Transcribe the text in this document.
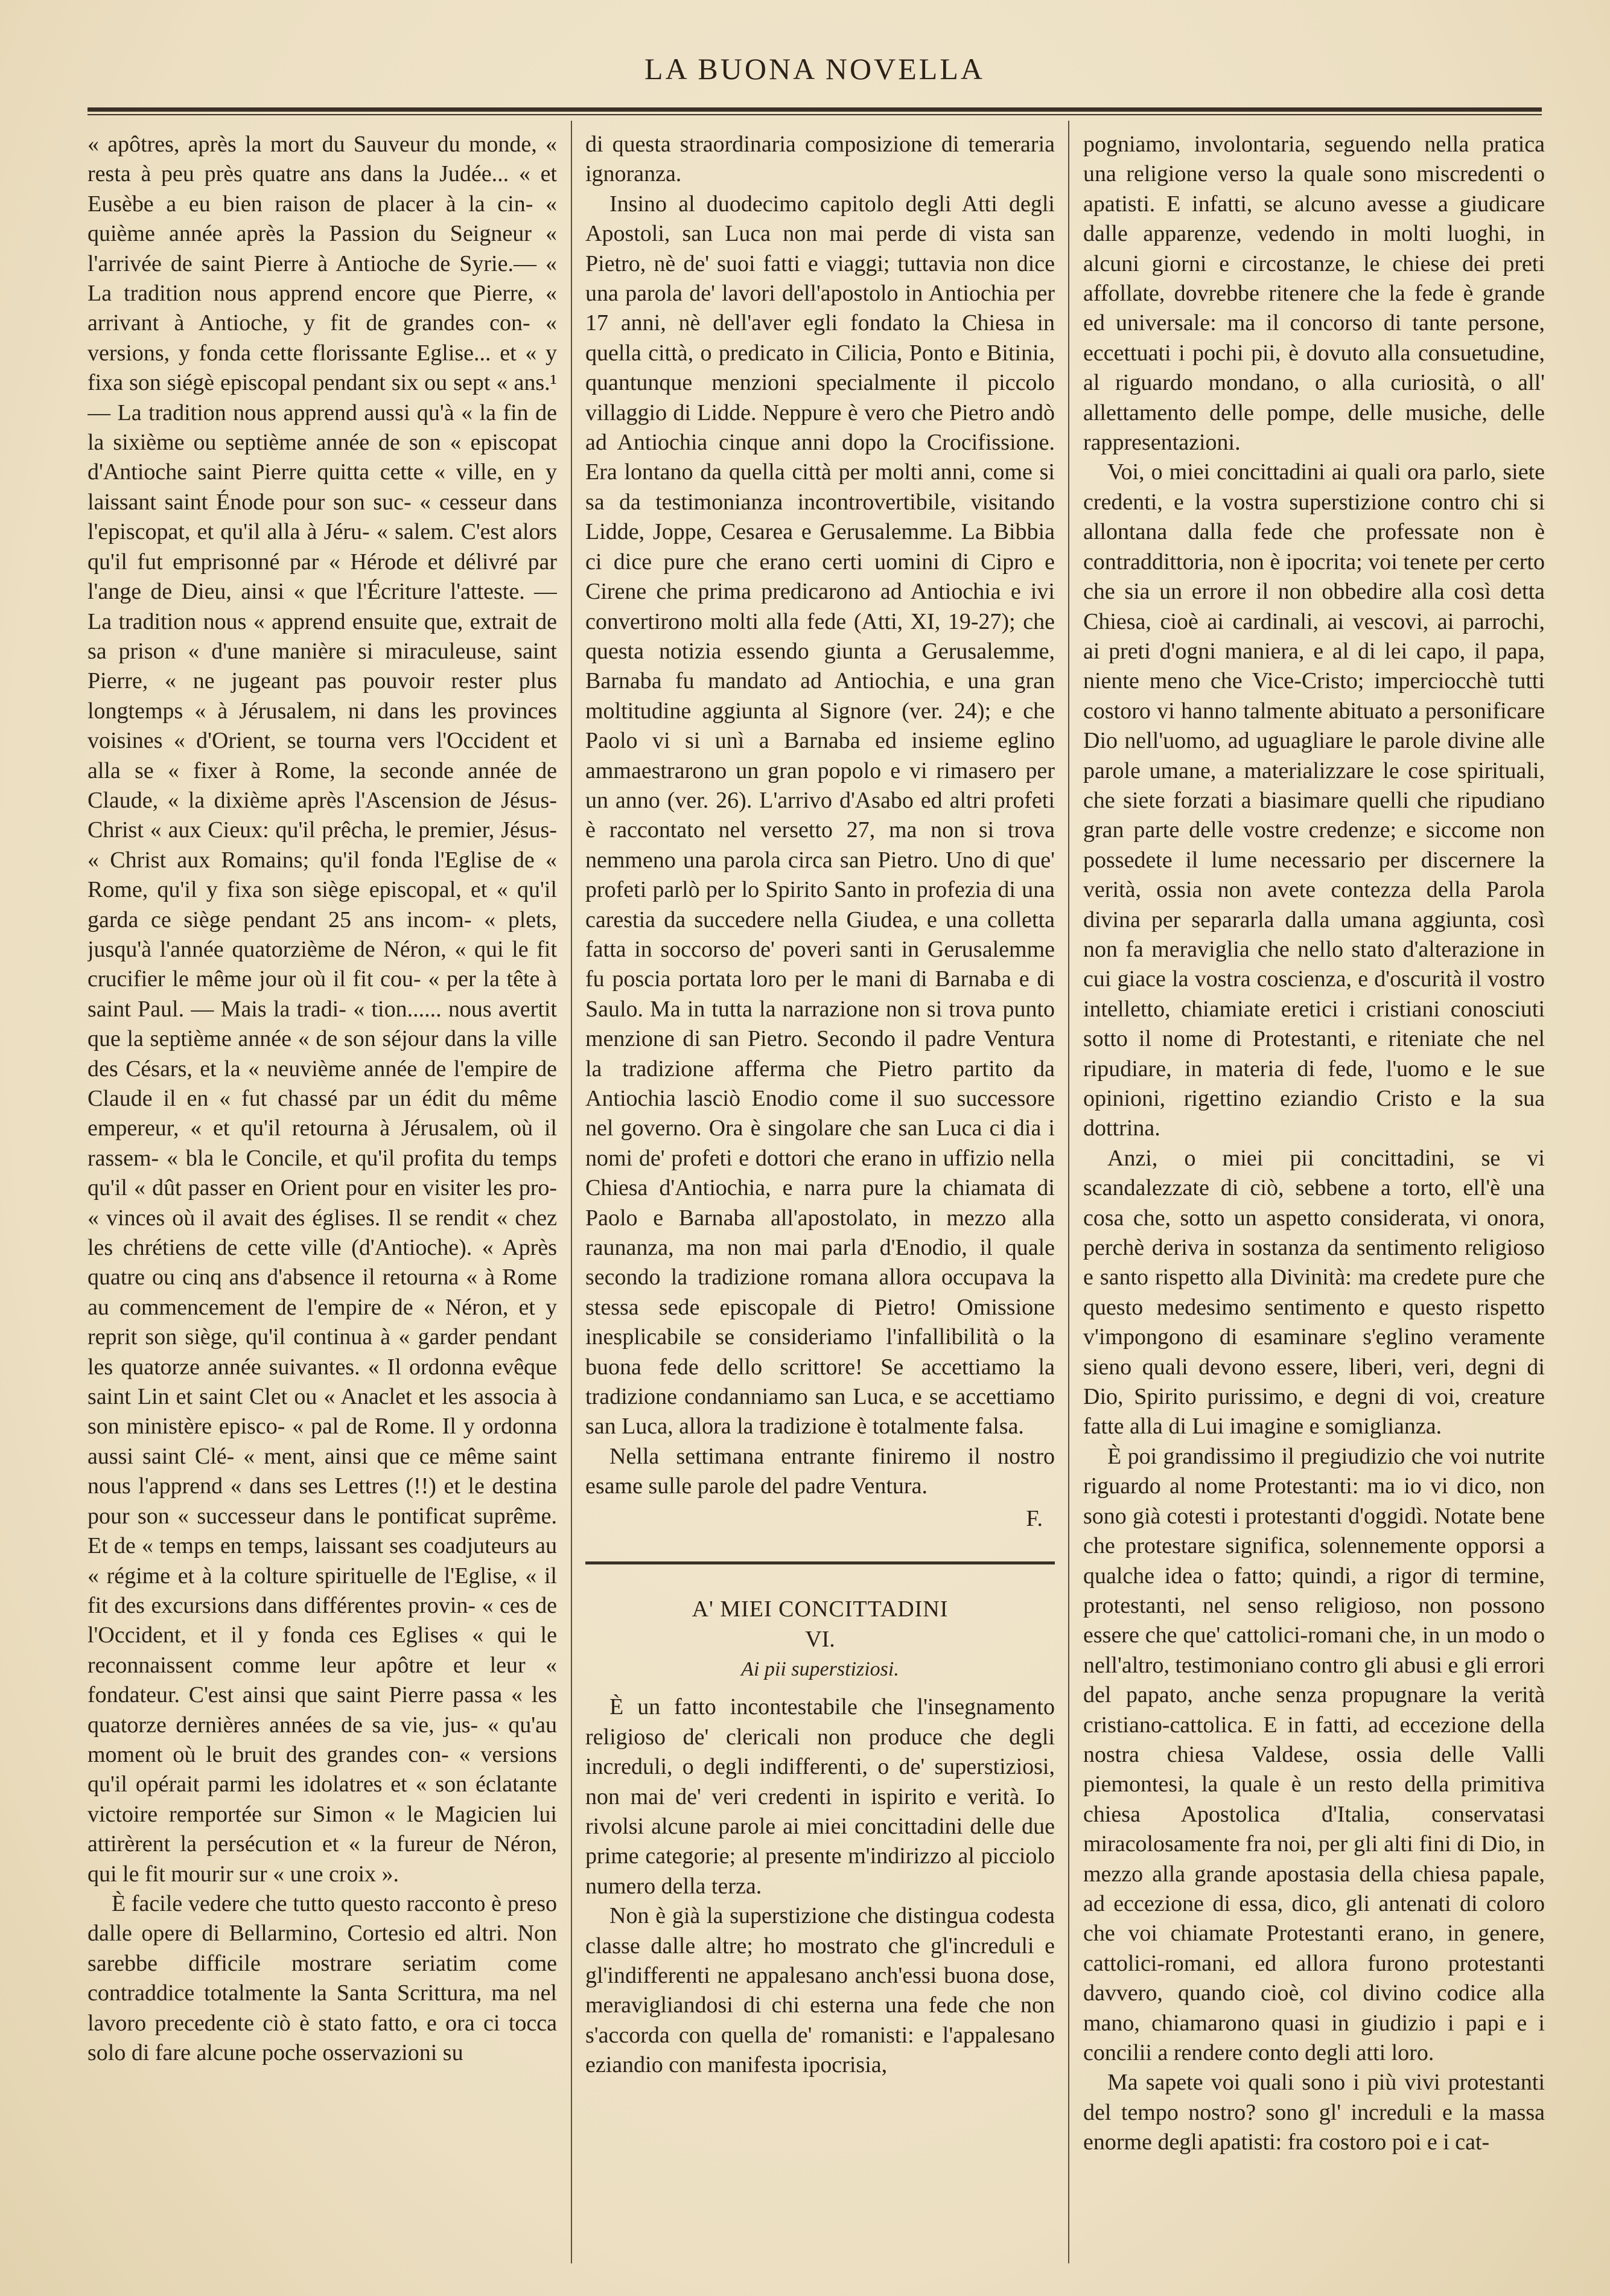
LA BUONA NOVELLA

« apôtres, après la mort du Sauveur du monde, « resta à peu près quatre ans dans la Judée... « et Eusèbe a eu bien raison de placer à la cin- « quième année après la Passion du Seigneur « l'arrivée de saint Pierre à Antioche de Syrie.— « La tradition nous apprend encore que Pierre, « arrivant à Antioche, y fit de grandes con- « versions, y fonda cette florissante Eglise... et « y fixa son siégè episcopal pendant six ou sept « ans.¹— La tradition nous apprend aussi qu'à « la fin de la sixième ou septième année de son « episcopat d'Antioche saint Pierre quitta cette « ville, en y laissant saint Énode pour son suc- « cesseur dans l'episcopat, et qu'il alla à Jéru- « salem. C'est alors qu'il fut emprisonné par « Hérode et délivré par l'ange de Dieu, ainsi « que l'Écriture l'atteste. — La tradition nous « apprend ensuite que, extrait de sa prison « d'une manière si miraculeuse, saint Pierre, « ne jugeant pas pouvoir rester plus longtemps « à Jérusalem, ni dans les provinces voisines « d'Orient, se tourna vers l'Occident et alla se « fixer à Rome, la seconde année de Claude, « la dixième après l'Ascension de Jésus-Christ « aux Cieux: qu'il prêcha, le premier, Jésus- « Christ aux Romains; qu'il fonda l'Eglise de « Rome, qu'il y fixa son siège episcopal, et « qu'il garda ce siège pendant 25 ans incom- « plets, jusqu'à l'année quatorzième de Néron, « qui le fit crucifier le même jour où il fit cou- « per la tête à saint Paul. — Mais la tradi- « tion...... nous avertit que la septième année « de son séjour dans la ville des Césars, et la « neuvième année de l'empire de Claude il en « fut chassé par un édit du même empereur, « et qu'il retourna à Jérusalem, où il rassem- « bla le Concile, et qu'il profita du temps qu'il « dût passer en Orient pour en visiter les pro- « vinces où il avait des églises. Il se rendit « chez les chrétiens de cette ville (d'Antioche). « Après quatre ou cinq ans d'absence il retourna « à Rome au commencement de l'empire de « Néron, et y reprit son siège, qu'il continua à « garder pendant les quatorze année suivantes. « Il ordonna evêque saint Lin et saint Clet ou « Anaclet et les associa à son ministère episco- « pal de Rome. Il y ordonna aussi saint Clé- « ment, ainsi que ce même saint nous l'apprend « dans ses Lettres (!!) et le destina pour son « successeur dans le pontificat suprême. Et de « temps en temps, laissant ses coadjuteurs au « régime et à la colture spirituelle de l'Eglise, « il fit des excursions dans différentes provin- « ces de l'Occident, et il y fonda ces Eglises « qui le reconnaissent comme leur apôtre et leur « fondateur. C'est ainsi que saint Pierre passa « les quatorze dernières années de sa vie, jus- « qu'au moment où le bruit des grandes con- « versions qu'il opérait parmi les idolatres et « son éclatante victoire remportée sur Simon « le Magicien lui attirèrent la persécution et « la fureur de Néron, qui le fit mourir sur « une croix ».

È facile vedere che tutto questo racconto è preso dalle opere di Bellarmino, Cortesio ed altri. Non sarebbe difficile mostrare seriatim come contraddice totalmente la Santa Scrittura, ma nel lavoro precedente ciò è stato fatto, e ora ci tocca solo di fare alcune poche osservazioni su

di questa straordinaria composizione di temeraria ignoranza.

Insino al duodecimo capitolo degli Atti degli Apostoli, san Luca non mai perde di vista san Pietro, nè de' suoi fatti e viaggi; tuttavia non dice una parola de' lavori dell'apostolo in Antiochia per 17 anni, nè dell'aver egli fondato la Chiesa in quella città, o predicato in Cilicia, Ponto e Bitinia, quantunque menzioni specialmente il piccolo villaggio di Lidde. Neppure è vero che Pietro andò ad Antiochia cinque anni dopo la Crocifissione. Era lontano da quella città per molti anni, come si sa da testimonianza incontrovertibile, visitando Lidde, Joppe, Cesarea e Gerusalemme. La Bibbia ci dice pure che erano certi uomini di Cipro e Cirene che prima predicarono ad Antiochia e ivi convertirono molti alla fede (Atti, XI, 19-27); che questa notizia essendo giunta a Gerusalemme, Barnaba fu mandato ad Antiochia, e una gran moltitudine aggiunta al Signore (ver. 24); e che Paolo vi si unì a Barnaba ed insieme eglino ammaestrarono un gran popolo e vi rimasero per un anno (ver. 26). L'arrivo d'Asabo ed altri profeti è raccontato nel versetto 27, ma non si trova nemmeno una parola circa san Pietro. Uno di que' profeti parlò per lo Spirito Santo in profezia di una carestia da succedere nella Giudea, e una colletta fatta in soccorso de' poveri santi in Gerusalemme fu poscia portata loro per le mani di Barnaba e di Saulo. Ma in tutta la narrazione non si trova punto menzione di san Pietro. Secondo il padre Ventura la tradizione afferma che Pietro partito da Antiochia lasciò Enodio come il suo successore nel governo. Ora è singolare che san Luca ci dia i nomi de' profeti e dottori che erano in uffizio nella Chiesa d'Antiochia, e narra pure la chiamata di Paolo e Barnaba all'apostolato, in mezzo alla raunanza, ma non mai parla d'Enodio, il quale secondo la tradizione romana allora occupava la stessa sede episcopale di Pietro! Omissione inesplicabile se consideriamo l'infallibilità o la buona fede dello scrittore! Se accettiamo la tradizione condanniamo san Luca, e se accettiamo san Luca, allora la tradizione è totalmente falsa.

Nella settimana entrante finiremo il nostro esame sulle parole del padre Ventura.

F.
A' MIEI CONCITTADINI
VI.
Ai pii superstiziosi.

È un fatto incontestabile che l'insegnamento religioso de' clericali non produce che degli increduli, o degli indifferenti, o de' superstiziosi, non mai de' veri credenti in ispirito e verità. Io rivolsi alcune parole ai miei concittadini delle due prime categorie; al presente m'indirizzo al picciolo numero della terza.

Non è già la superstizione che distingua codesta classe dalle altre; ho mostrato che gl'increduli e gl'indifferenti ne appalesano anch'essi buona dose, meravigliandosi di chi esterna una fede che non s'accorda con quella de' romanisti: e l'appalesano eziandio con manifesta ipocrisia,

pogniamo, involontaria, seguendo nella pratica una religione verso la quale sono miscredenti o apatisti. E infatti, se alcuno avesse a giudicare dalle apparenze, vedendo in molti luoghi, in alcuni giorni e circostanze, le chiese dei preti affollate, dovrebbe ritenere che la fede è grande ed universale: ma il concorso di tante persone, eccettuati i pochi pii, è dovuto alla consuetudine, al riguardo mondano, o alla curiosità, o all' allettamento delle pompe, delle musiche, delle rappresentazioni.

Voi, o miei concittadini ai quali ora parlo, siete credenti, e la vostra superstizione contro chi si allontana dalla fede che professate non è contraddittoria, non è ipocrita; voi tenete per certo che sia un errore il non obbedire alla così detta Chiesa, cioè ai cardinali, ai vescovi, ai parrochi, ai preti d'ogni maniera, e al di lei capo, il papa, niente meno che Vice-Cristo; imperciocchè tutti costoro vi hanno talmente abituato a personificare Dio nell'uomo, ad uguagliare le parole divine alle parole umane, a materializzare le cose spirituali, che siete forzati a biasimare quelli che ripudiano gran parte delle vostre credenze; e siccome non possedete il lume necessario per discernere la verità, ossia non avete contezza della Parola divina per separarla dalla umana aggiunta, così non fa meraviglia che nello stato d'alterazione in cui giace la vostra coscienza, e d'oscurità il vostro intelletto, chiamiate eretici i cristiani conosciuti sotto il nome di Protestanti, e riteniate che nel ripudiare, in materia di fede, l'uomo e le sue opinioni, rigettino eziandio Cristo e la sua dottrina.

Anzi, o miei pii concittadini, se vi scandalezzate di ciò, sebbene a torto, ell'è una cosa che, sotto un aspetto considerata, vi onora, perchè deriva in sostanza da sentimento religioso e santo rispetto alla Divinità: ma credete pure che questo medesimo sentimento e questo rispetto v'impongono di esaminare s'eglino veramente sieno quali devono essere, liberi, veri, degni di Dio, Spirito purissimo, e degni di voi, creature fatte alla di Lui imagine e somiglianza.

È poi grandissimo il pregiudizio che voi nutrite riguardo al nome Protestanti: ma io vi dico, non sono già cotesti i protestanti d'oggidì. Notate bene che protestare significa, solennemente opporsi a qualche idea o fatto; quindi, a rigor di termine, protestanti, nel senso religioso, non possono essere che que' cattolici-romani che, in un modo o nell'altro, testimoniano contro gli abusi e gli errori del papato, anche senza propugnare la verità cristiano-cattolica. E in fatti, ad eccezione della nostra chiesa Valdese, ossia delle Valli piemontesi, la quale è un resto della primitiva chiesa Apostolica d'Italia, conservatasi miracolosamente fra noi, per gli alti fini di Dio, in mezzo alla grande apostasia della chiesa papale, ad eccezione di essa, dico, gli antenati di coloro che voi chiamate Protestanti erano, in genere, cattolici-romani, ed allora furono protestanti davvero, quando cioè, col divino codice alla mano, chiamarono quasi in giudizio i papi e i concilii a rendere conto degli atti loro.

Ma sapete voi quali sono i più vivi protestanti del tempo nostro? sono gl' increduli e la massa enorme degli apatisti: fra costoro poi e i cat-
